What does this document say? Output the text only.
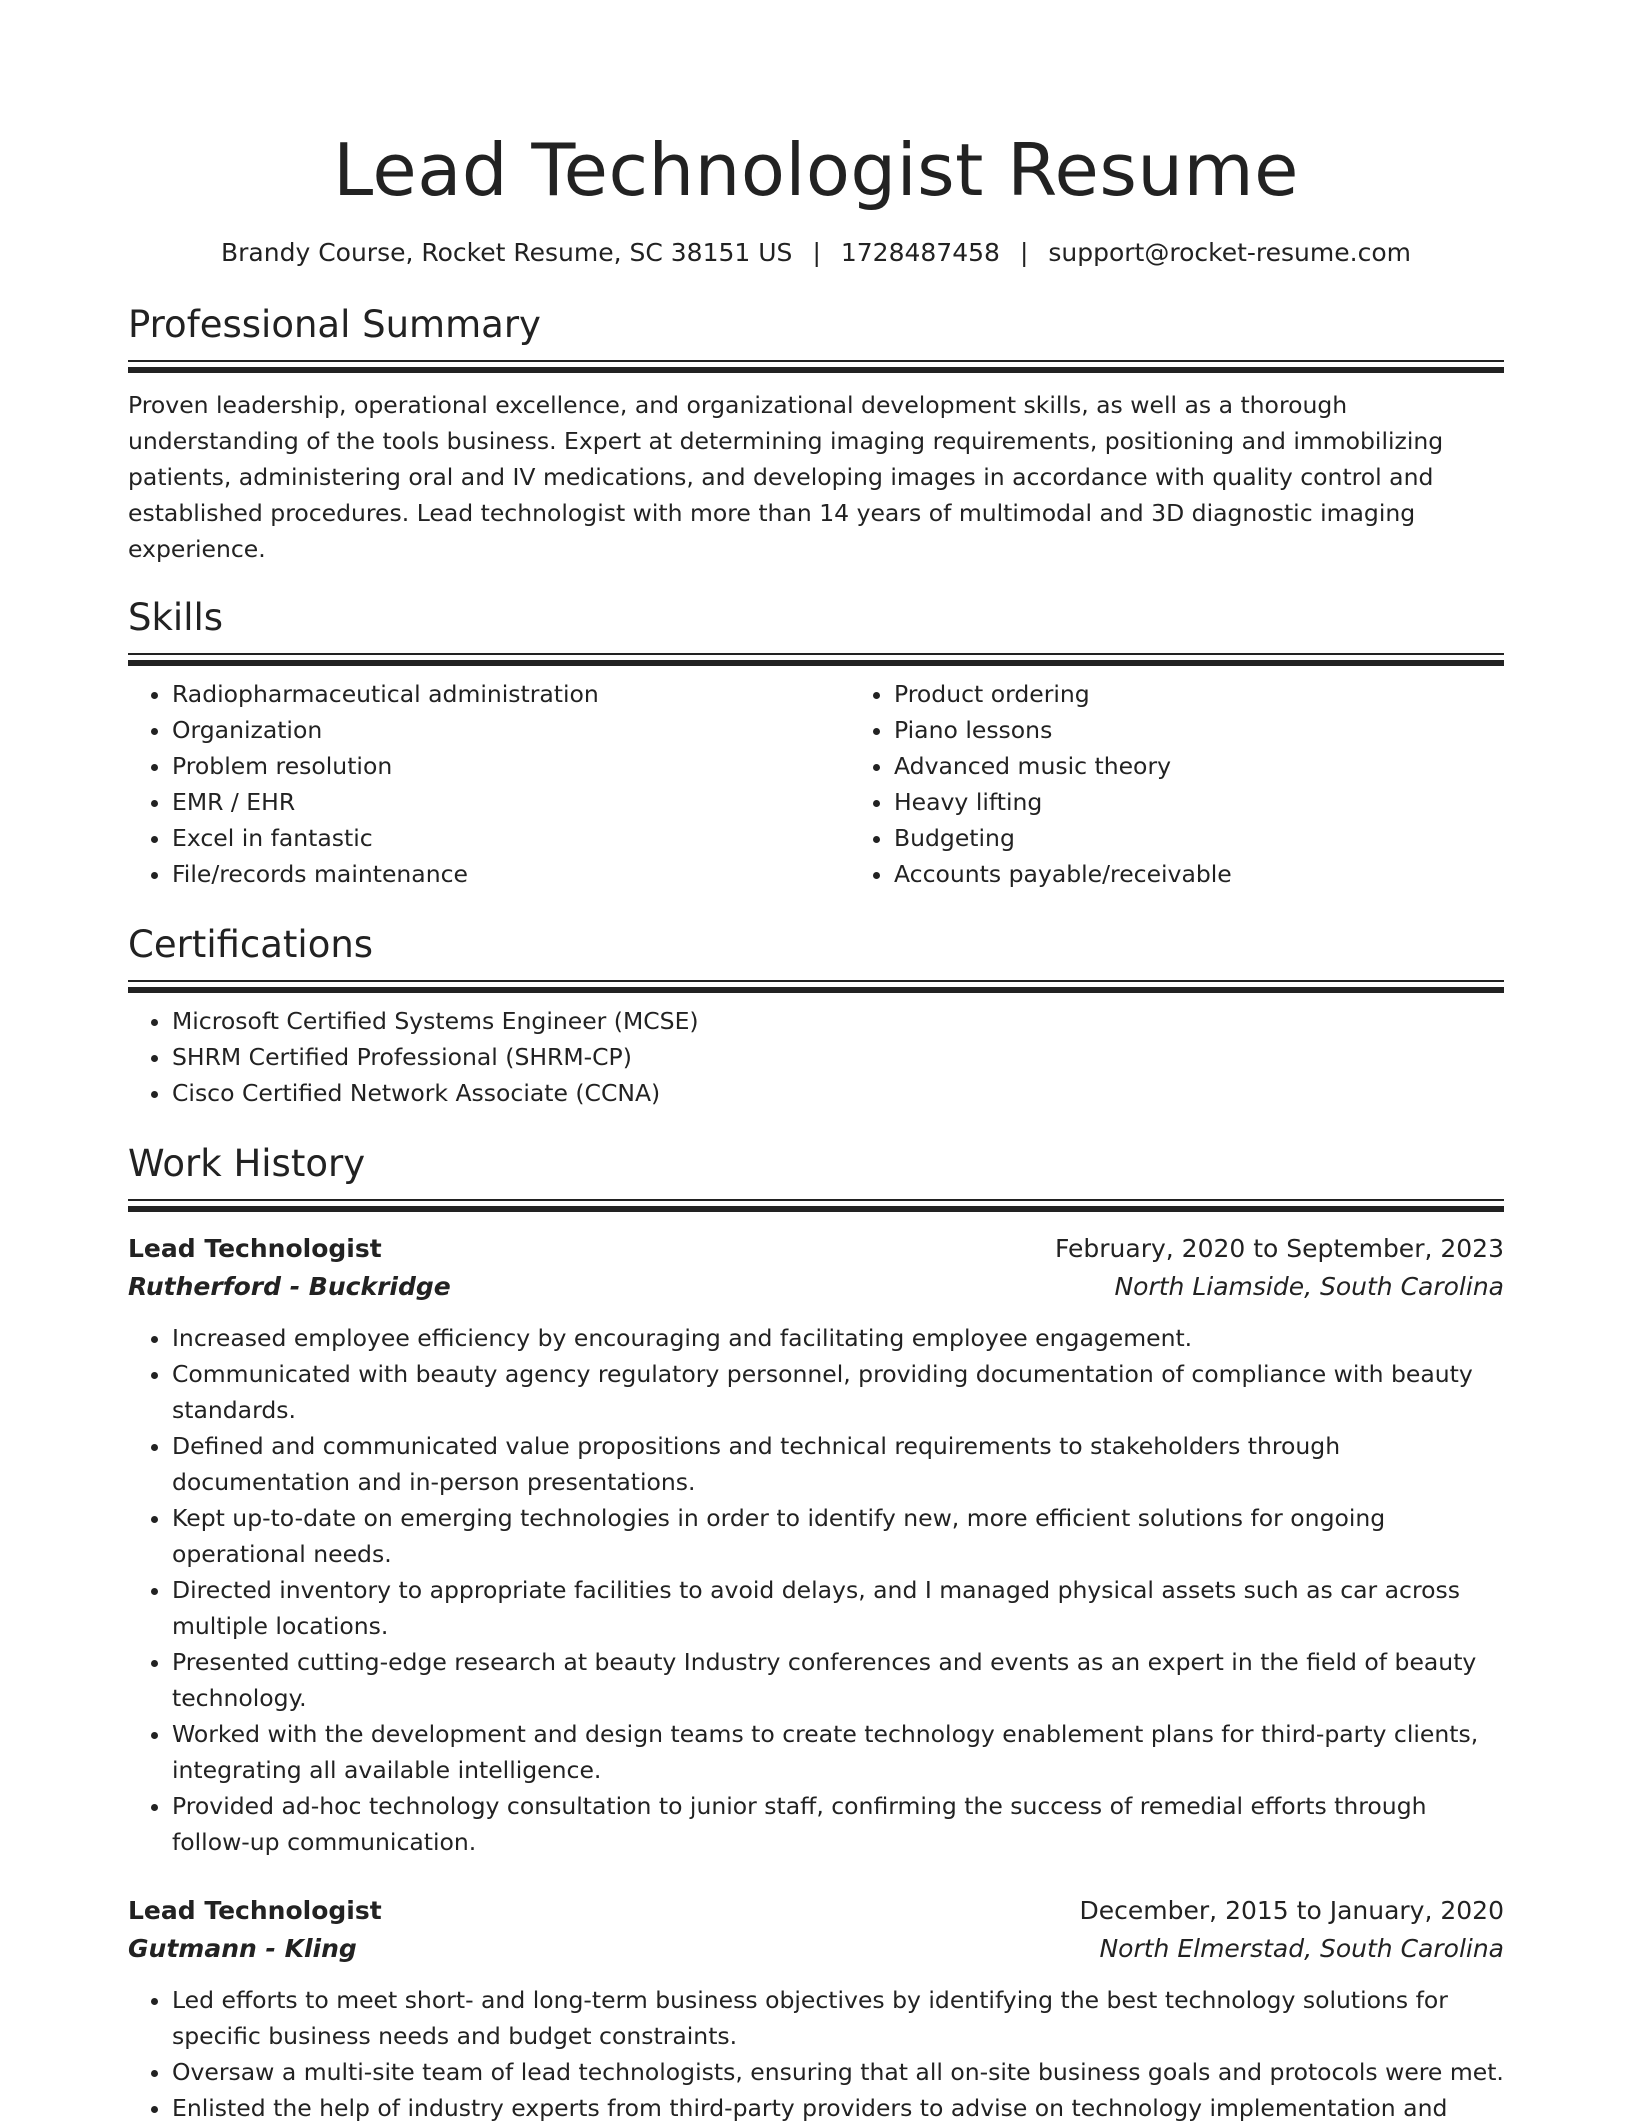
Lead Technologist Resume
Brandy Course, Rocket Resume, SC 38151 US | 1728487458 | support@rocket-resume.com
Professional Summary
Proven leadership, operational excellence, and organizational development skills, as well as a thorough understanding of the tools business. Expert at determining imaging requirements, positioning and immobilizing patients, administering oral and IV medications, and developing images in accordance with quality control and established procedures. Lead technologist with more than 14 years of multimodal and 3D diagnostic imaging experience.
Skills
• Radiopharmaceutical administration
• Organization
• Problem resolution
• EMR / EHR
• Excel in fantastic
• File/records maintenance
• Product ordering
• Piano lessons
• Advanced music theory
• Heavy lifting
• Budgeting
• Accounts payable/receivable
Certifications
• Microsoft Certified Systems Engineer (MCSE)
• SHRM Certified Professional (SHRM-CP)
• Cisco Certified Network Associate (CCNA)
Work History
Lead Technologist	February, 2020 to September, 2023
Rutherford - Buckridge	North Liamside, South Carolina
• Increased employee efficiency by encouraging and facilitating employee engagement.
• Communicated with beauty agency regulatory personnel, providing documentation of compliance with beauty standards.
• Defined and communicated value propositions and technical requirements to stakeholders through documentation and in-person presentations.
• Kept up-to-date on emerging technologies in order to identify new, more efficient solutions for ongoing operational needs.
• Directed inventory to appropriate facilities to avoid delays, and I managed physical assets such as car across multiple locations.
• Presented cutting-edge research at beauty Industry conferences and events as an expert in the field of beauty technology.
• Worked with the development and design teams to create technology enablement plans for third-party clients, integrating all available intelligence.
• Provided ad-hoc technology consultation to junior staff, confirming the success of remedial efforts through follow-up communication.
Lead Technologist	December, 2015 to January, 2020
Gutmann - Kling	North Elmerstad, South Carolina
• Led efforts to meet short- and long-term business objectives by identifying the best technology solutions for specific business needs and budget constraints.
• Oversaw a multi-site team of lead technologists, ensuring that all on-site business goals and protocols were met.
• Enlisted the help of industry experts from third-party providers to advise on technology implementation and
